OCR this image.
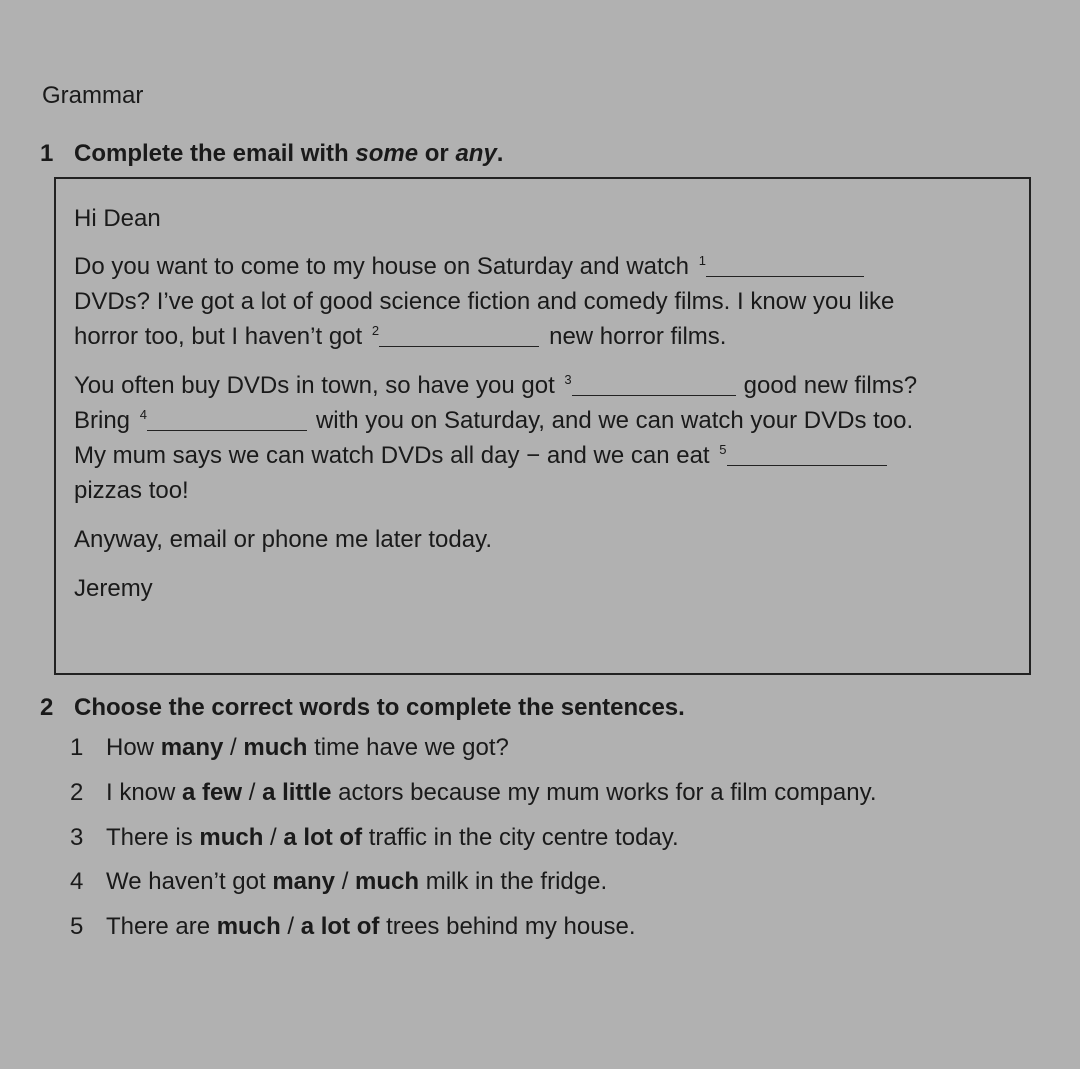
Grammar
1 Complete the email with some or any.
Hi Dean
Do you want to come to my house on Saturday and watch $^1$
DVDs? I’ve got a lot of good science fiction and comedy films. I know you like
horror too, but I haven’t got $^2$	new horror films.
You often buy DVDs in town, so have you got $^3$	good new films?
Bring $^4$	with you on Saturday, and we can watch your DVDs too.
My mum says we can watch DVDs all day − and we can eat $^5$
pizzas too!
Anyway, email or phone me later today.
Jeremy
2 Choose the correct words to complete the sentences.
1 How many / much time have we got?
2 I know a few / a little actors because my mum works for a film company.
3 There is much / a lot of traffic in the city centre today.
4 We haven’t got many / much milk in the fridge.
5 There are much / a lot of trees behind my house.
